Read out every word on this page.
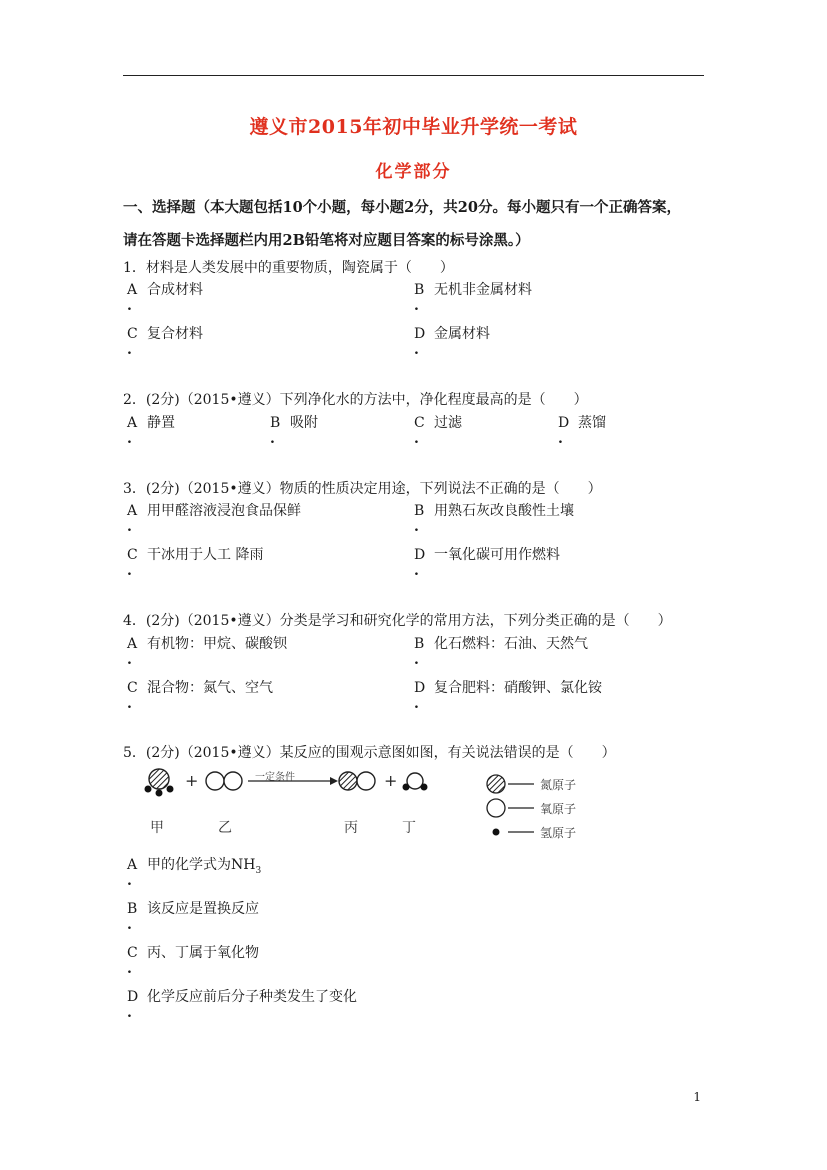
遵义市2015年初中毕业升学统一考试
化学部分
一、选择题（本大题包括10个小题，每小题2分，共20分。每小题只有一个正确答案，
请在答题卡选择题栏内用2B铅笔将对应题目答案的标号涂黑。）
1．材料是人类发展中的重要物质，陶瓷属于（　　）
A 合成材料
.
B 无机非金属材料
.
C 复合材料
.
D 金属材料
.
2．(2分)（2015•遵义）下列净化水的方法中，净化程度最高的是（　　）
A 静置
.
B 吸附
.
C 过滤
.
D 蒸馏
.
3．(2分)（2015•遵义）物质的性质决定用途，下列说法不正确的是（　　）
A 用甲醛溶液浸泡食品保鲜
.
B 用熟石灰改良酸性土壤
.
C 干冰用于人工 降雨
.
D 一氧化碳可用作燃料
.
4．(2分)（2015•遵义）分类是学习和研究化学的常用方法，下列分类正确的是（　　）
A 有机物：甲烷、碳酸钡
.
B 化石燃料：石油、天然气
.
C 混合物：氮气、空气
.
D 复合肥料：硝酸钾、氯化铵
.
5．(2分)（2015•遵义）某反应的围观示意图如图，有关说法错误的是（　　）
+	+
一定条件
甲	乙	丙	丁
氮原子
氧原子
氢原子
A 甲的化学式为$NH_3$
.
B 该反应是置换反应
.
C 丙、丁属于氧化物
.
D 化学反应前后分子种类发生了变化
.
1
